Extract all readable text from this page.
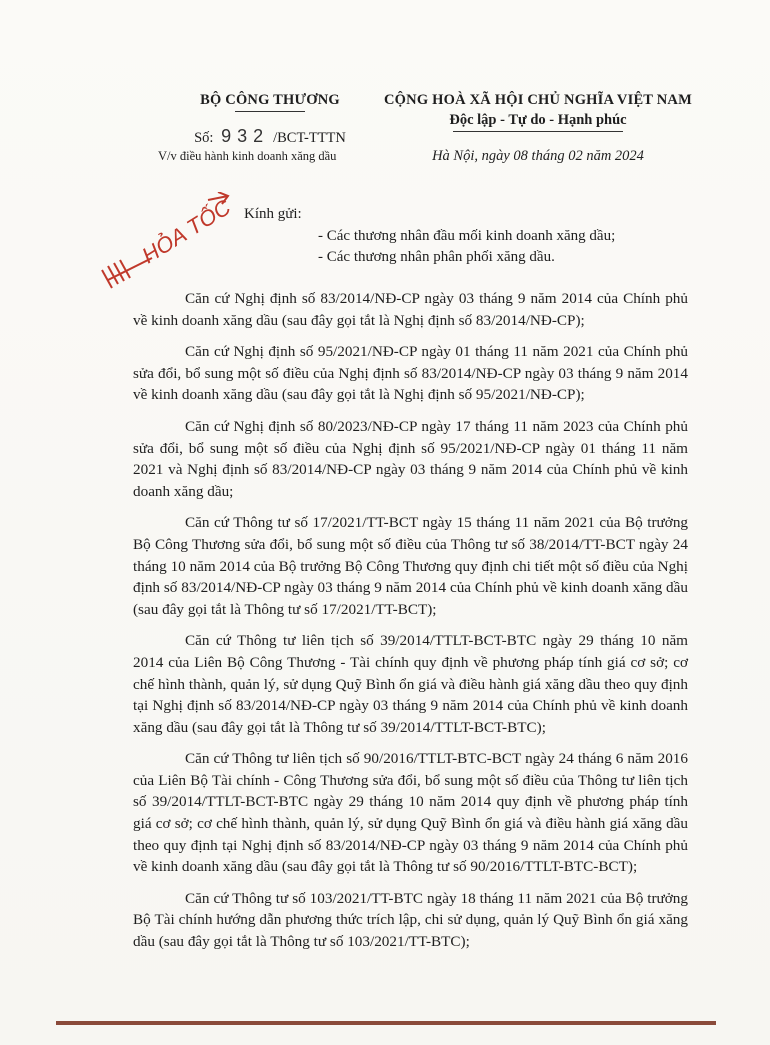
BỘ CÔNG THƯƠNG
Số: 932 /BCT-TTTN
V/v điều hành kinh doanh xăng dầu
CỘNG HOÀ XÃ HỘI CHỦ NGHĨA VIỆT NAM
Độc lập - Tự do - Hạnh phúc
Hà Nội, ngày 08 tháng 02 năm 2024
HỎA TỐC Kính gửi:
- Các thương nhân đầu mối kinh doanh xăng dầu;
- Các thương nhân phân phối xăng dầu.

Căn cứ Nghị định số 83/2014/NĐ-CP ngày 03 tháng 9 năm 2014 của Chính phủ về kinh doanh xăng dầu (sau đây gọi tắt là Nghị định số 83/2014/NĐ-CP);

Căn cứ Nghị định số 95/2021/NĐ-CP ngày 01 tháng 11 năm 2021 của Chính phủ sửa đổi, bổ sung một số điều của Nghị định số 83/2014/NĐ-CP ngày 03 tháng 9 năm 2014 về kinh doanh xăng dầu (sau đây gọi tắt là Nghị định số 95/2021/NĐ-CP);

Căn cứ Nghị định số 80/2023/NĐ-CP ngày 17 tháng 11 năm 2023 của Chính phủ sửa đổi, bổ sung một số điều của Nghị định số 95/2021/NĐ-CP ngày 01 tháng 11 năm 2021 và Nghị định số 83/2014/NĐ-CP ngày 03 tháng 9 năm 2014 của Chính phủ về kinh doanh xăng dầu;

Căn cứ Thông tư số 17/2021/TT-BCT ngày 15 tháng 11 năm 2021 của Bộ trưởng Bộ Công Thương sửa đổi, bổ sung một số điều của Thông tư số 38/2014/TT-BCT ngày 24 tháng 10 năm 2014 của Bộ trưởng Bộ Công Thương quy định chi tiết một số điều của Nghị định số 83/2014/NĐ-CP ngày 03 tháng 9 năm 2014 của Chính phủ về kinh doanh xăng dầu (sau đây gọi tắt là Thông tư số 17/2021/TT-BCT);

Căn cứ Thông tư liên tịch số 39/2014/TTLT-BCT-BTC ngày 29 tháng 10 năm 2014 của Liên Bộ Công Thương - Tài chính quy định về phương pháp tính giá cơ sở; cơ chế hình thành, quản lý, sử dụng Quỹ Bình ổn giá và điều hành giá xăng dầu theo quy định tại Nghị định số 83/2014/NĐ-CP ngày 03 tháng 9 năm 2014 của Chính phủ về kinh doanh xăng dầu (sau đây gọi tắt là Thông tư số 39/2014/TTLT-BCT-BTC);

Căn cứ Thông tư liên tịch số 90/2016/TTLT-BTC-BCT ngày 24 tháng 6 năm 2016 của Liên Bộ Tài chính - Công Thương sửa đổi, bổ sung một số điều của Thông tư liên tịch số 39/2014/TTLT-BCT-BTC ngày 29 tháng 10 năm 2014 quy định về phương pháp tính giá cơ sở; cơ chế hình thành, quản lý, sử dụng Quỹ Bình ổn giá và điều hành giá xăng dầu theo quy định tại Nghị định số 83/2014/NĐ-CP ngày 03 tháng 9 năm 2014 của Chính phủ về kinh doanh xăng dầu (sau đây gọi tắt là Thông tư số 90/2016/TTLT-BTC-BCT);

Căn cứ Thông tư số 103/2021/TT-BTC ngày 18 tháng 11 năm 2021 của Bộ trưởng Bộ Tài chính hướng dẫn phương thức trích lập, chi sử dụng, quản lý Quỹ Bình ổn giá xăng dầu (sau đây gọi tắt là Thông tư số 103/2021/TT-BTC);
